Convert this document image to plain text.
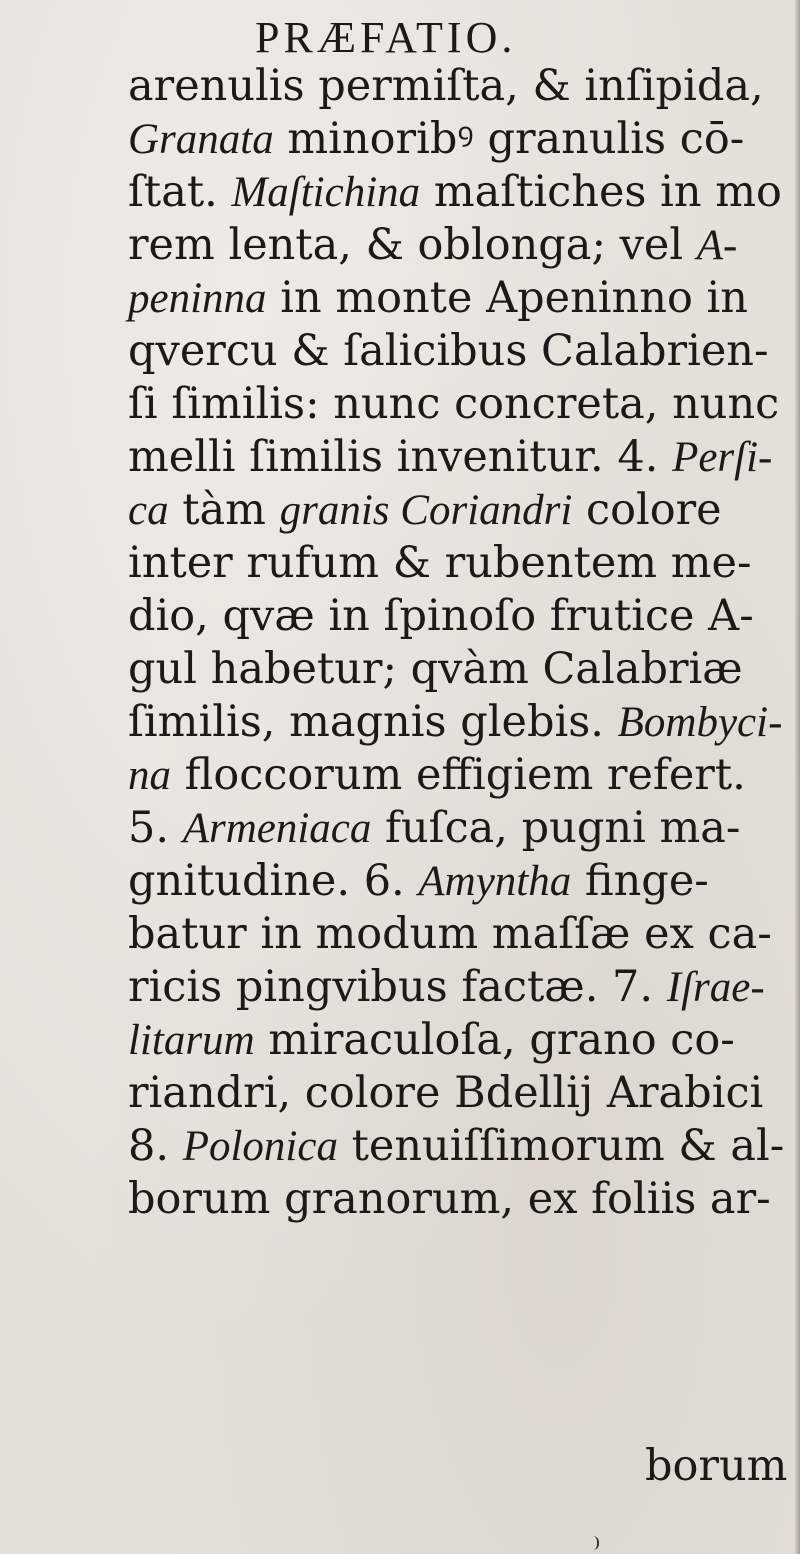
PRÆFATIO.
arenulis permiſta, & inſipida,
Granata minoribꝰ granulis cō-
ſtat. Maſtichina maſtiches in mo
rem lenta, & oblonga; vel A-
peninna in monte Apeninno in
qvercu & ſalicibus Calabrien-
ſi ſimilis: nunc concreta, nunc
melli ſimilis invenitur. 4. Perſi-
ca tàm granis Coriandri colore
inter rufum & rubentem me-
dio, qvæ in ſpinoſo frutice A-
gul habetur; qvàm Calabriæ
ſimilis, magnis glebis. Bombyci-
na floccorum effigiem refert.
5. Armeniaca fuſca, pugni ma-
gnitudine. 6. Amyntha finge-
batur in modum maſſæ ex ca-
ricis pingvibus factæ. 7. Iſrae-
litarum miraculoſa, grano co-
riandri, colore Bdellij Arabici
8. Polonica tenuiſſimorum & al-
borum granorum, ex foliis ar-
borum
